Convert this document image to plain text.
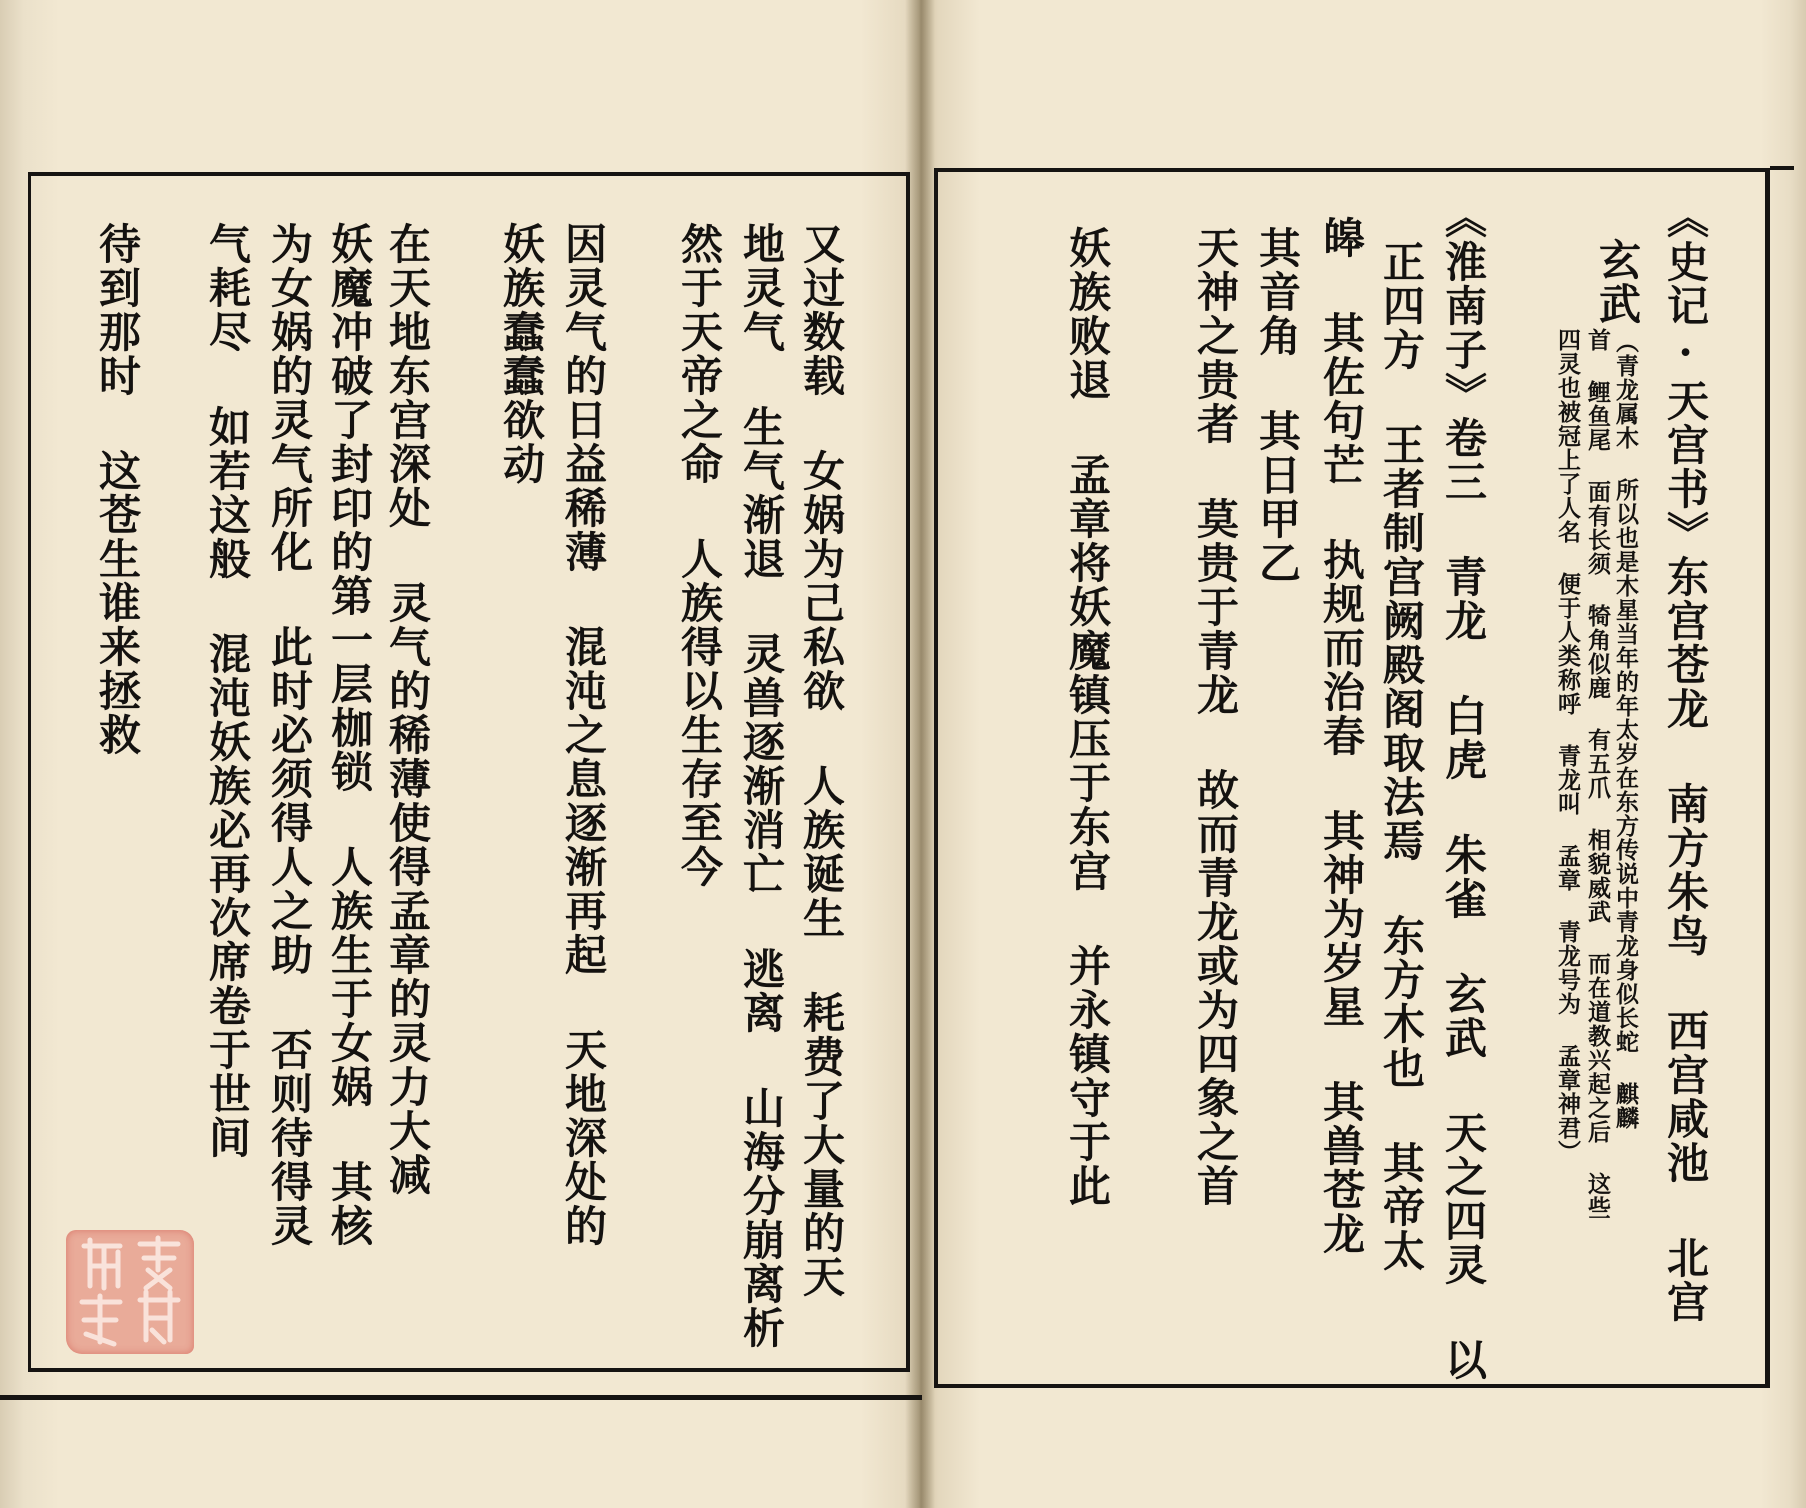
《史记·天宫书》东宫苍龙 南方朱鸟 西宫咸池 北宫
玄武
（青龙属木 所以也是木星当年的年太岁在东方传说中青龙身似长蛇 麒麟
首 鲤鱼尾 面有长须 犄角似鹿 有五爪 相貌威武 而在道教兴起之后 这些
四灵也被冠上了人名 便于人类称呼 青龙叫 孟章 青龙号为 孟章神君）
《淮南子》卷三 青龙 白虎 朱雀 玄武 天之四灵 以
正四方 王者制宫阙殿阁取法焉 东方木也 其帝太
皞 其佐句芒 执规而治春 其神为岁星 其兽苍龙
其音角 其日甲乙
天神之贵者 莫贵于青龙 故而青龙或为四象之首
妖族败退 孟章将妖魔镇压于东宫 并永镇守于此
又过数载 女娲为己私欲 人族诞生 耗费了大量的天
地灵气 生气渐退 灵兽逐渐消亡 逃离 山海分崩离析
然于天帝之命 人族得以生存至今
因灵气的日益稀薄 混沌之息逐渐再起 天地深处的
妖族蠢蠢欲动
在天地东宫深处 灵气的稀薄使得孟章的灵力大减
妖魔冲破了封印的第一层枷锁 人族生于女娲 其核
为女娲的灵气所化 此时必须得人之助 否则待得灵
气耗尽 如若这般 混沌妖族必再次席卷于世间
待到那时 这苍生谁来拯救
